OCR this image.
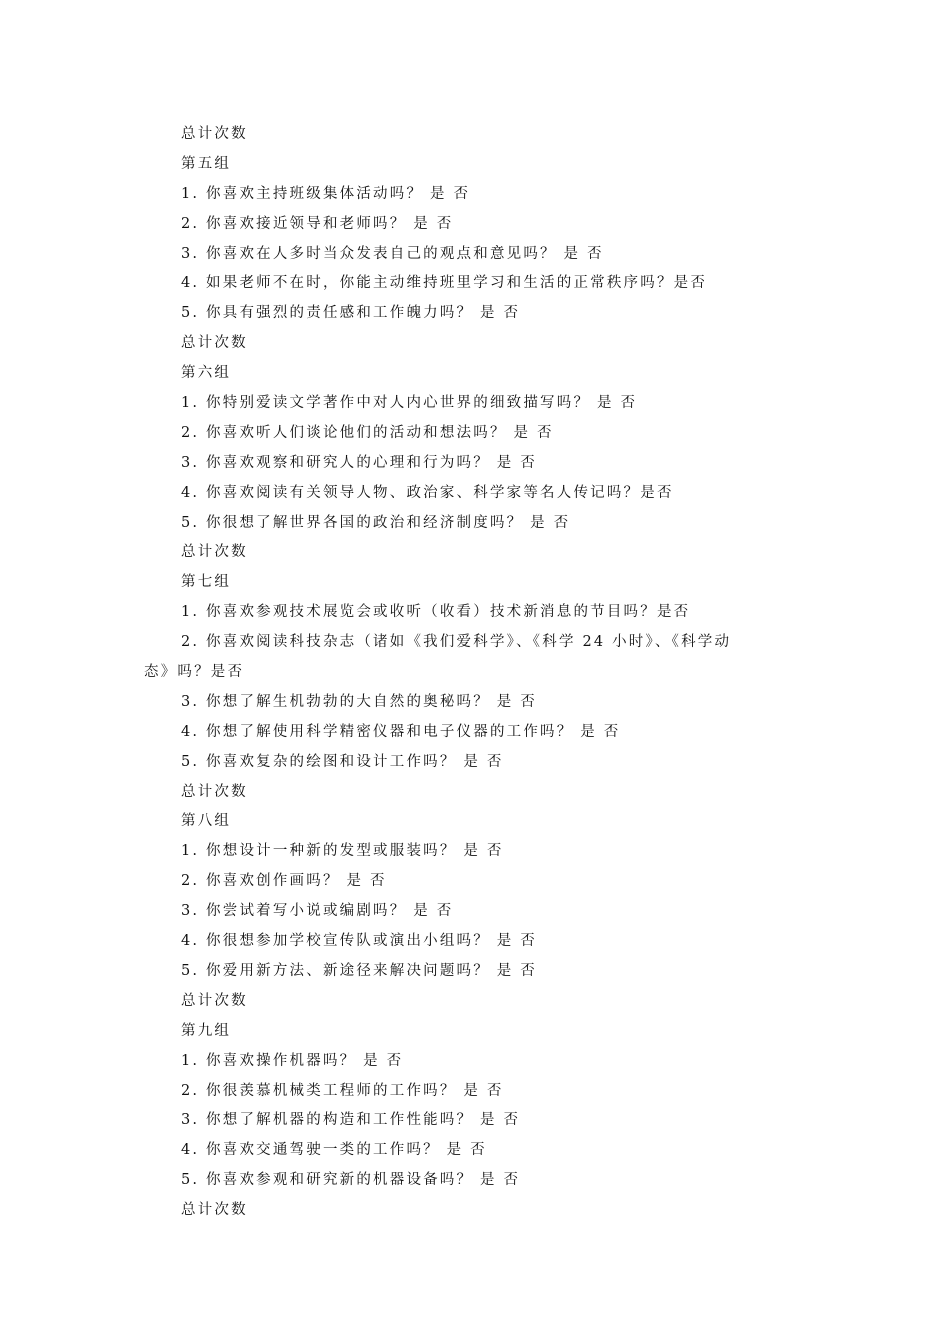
总计次数
第五组
1. 你喜欢主持班级集体活动吗？ 是 否
2. 你喜欢接近领导和老师吗？ 是 否
3. 你喜欢在人多时当众发表自己的观点和意见吗？ 是 否
4. 如果老师不在时，你能主动维持班里学习和生活的正常秩序吗？是否
5. 你具有强烈的责任感和工作魄力吗？ 是 否
总计次数
第六组
1. 你特别爱读文学著作中对人内心世界的细致描写吗？ 是 否
2. 你喜欢听人们谈论他们的活动和想法吗？ 是 否
3. 你喜欢观察和研究人的心理和行为吗？ 是 否
4. 你喜欢阅读有关领导人物、政治家、科学家等名人传记吗？是否
5. 你很想了解世界各国的政治和经济制度吗？ 是 否
总计次数
第七组
1. 你喜欢参观技术展览会或收听（收看）技术新消息的节目吗？是否
2. 你喜欢阅读科技杂志（诸如《我们爱科学》、《科学 24 小时》、《科学动
态》吗？是否
3. 你想了解生机勃勃的大自然的奥秘吗？ 是 否
4. 你想了解使用科学精密仪器和电子仪器的工作吗？ 是 否
5. 你喜欢复杂的绘图和设计工作吗？ 是 否
总计次数
第八组
1. 你想设计一种新的发型或服装吗？ 是 否
2. 你喜欢创作画吗？ 是 否
3. 你尝试着写小说或编剧吗？ 是 否
4. 你很想参加学校宣传队或演出小组吗？ 是 否
5. 你爱用新方法、新途径来解决问题吗？ 是 否
总计次数
第九组
1. 你喜欢操作机器吗？ 是 否
2. 你很羡慕机械类工程师的工作吗？ 是 否
3. 你想了解机器的构造和工作性能吗？ 是 否
4. 你喜欢交通驾驶一类的工作吗？ 是 否
5. 你喜欢参观和研究新的机器设备吗？ 是 否
总计次数
